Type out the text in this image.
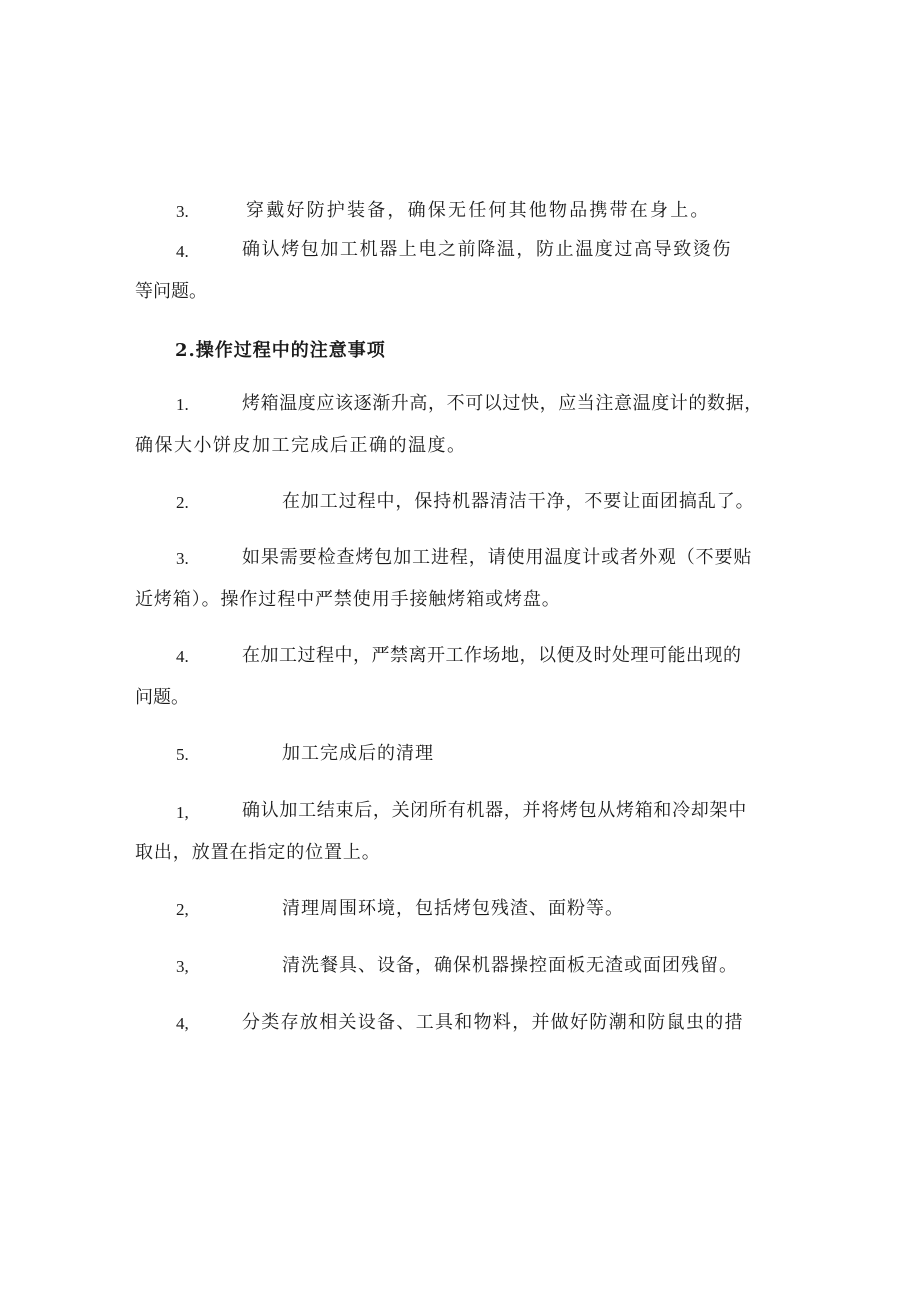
3.	穿戴好防护装备，确保无任何其他物品携带在身上。
4.	确认烤包加工机器上电之前降温，防止温度过高导致烫伤
等问题。
2.操作过程中的注意事项
1.	烤箱温度应该逐渐升高，不可以过快，应当注意温度计的数据，
确保大小饼皮加工完成后正确的温度。
2.	在加工过程中，保持机器清洁干净，不要让面团搞乱了。
3.	如果需要检查烤包加工进程，请使用温度计或者外观（不要贴
近烤箱）。操作过程中严禁使用手接触烤箱或烤盘。
4.	在加工过程中，严禁离开工作场地，以便及时处理可能出现的
问题。
5.	加工完成后的清理
1,	确认加工结束后，关闭所有机器，并将烤包从烤箱和冷却架中
取出，放置在指定的位置上。
2,	清理周围环境，包括烤包残渣、面粉等。
3,	清洗餐具、设备，确保机器操控面板无渣或面团残留。
4,	分类存放相关设备、工具和物料，并做好防潮和防鼠虫的措
